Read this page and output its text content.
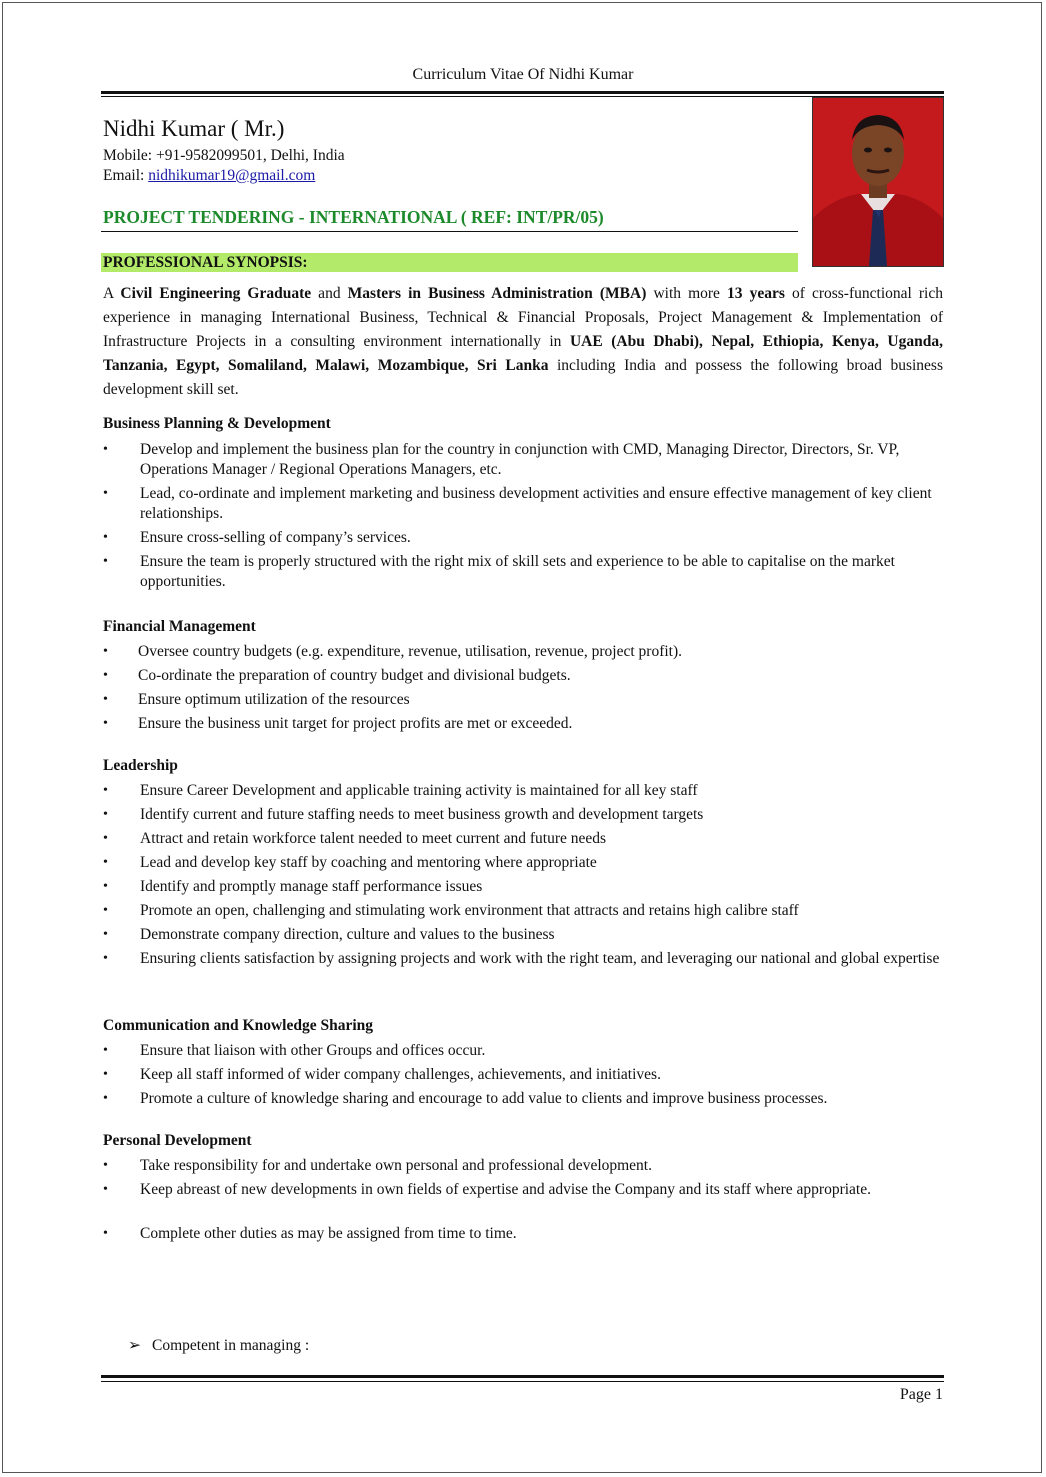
Curriculum Vitae Of Nidhi Kumar
Nidhi Kumar ( Mr.)
Mobile: +91-9582099501, Delhi, India
Email: nidhikumar19@gmail.com
PROJECT TENDERING - INTERNATIONAL ( REF: INT/PR/05)
PROFESSIONAL SYNOPSIS:
A Civil Engineering Graduate and Masters in Business Administration (MBA) with more 13 years of cross-functional rich experience in managing International Business, Technical & Financial Proposals, Project Management & Implementation of Infrastructure Projects in a consulting environment internationally in UAE (Abu Dhabi), Nepal, Ethiopia, Kenya, Uganda, Tanzania, Egypt, Somaliland, Malawi, Mozambique, Sri Lanka including India and possess the following broad business development skill set.
Business Planning & Development
• Develop and implement the business plan for the country in conjunction with CMD, Managing Director, Directors, Sr. VP, Operations Manager / Regional Operations Managers, etc.
• Lead, co-ordinate and implement marketing and business development activities and ensure effective management of key client relationships.
• Ensure cross-selling of company’s services.
• Ensure the team is properly structured with the right mix of skill sets and experience to be able to capitalise on the market opportunities.
Financial Management
• Oversee country budgets (e.g. expenditure, revenue, utilisation, revenue, project profit).
• Co-ordinate the preparation of country budget and divisional budgets.
• Ensure optimum utilization of the resources
• Ensure the business unit target for project profits are met or exceeded.
Leadership
• Ensure Career Development and applicable training activity is maintained for all key staff
• Identify current and future staffing needs to meet business growth and development targets
• Attract and retain workforce talent needed to meet current and future needs
• Lead and develop key staff by coaching and mentoring where appropriate
• Identify and promptly manage staff performance issues
• Promote an open, challenging and stimulating work environment that attracts and retains high calibre staff
• Demonstrate company direction, culture and values to the business
• Ensuring clients satisfaction by assigning projects and work with the right team, and leveraging our national and global expertise
Communication and Knowledge Sharing
• Ensure that liaison with other Groups and offices occur.
• Keep all staff informed of wider company challenges, achievements, and initiatives.
• Promote a culture of knowledge sharing and encourage to add value to clients and improve business processes.
Personal Development
• Take responsibility for and undertake own personal and professional development.
• Keep abreast of new developments in own fields of expertise and advise the Company and its staff where appropriate.
• Complete other duties as may be assigned from time to time.
➢ Competent in managing :
Page 1
